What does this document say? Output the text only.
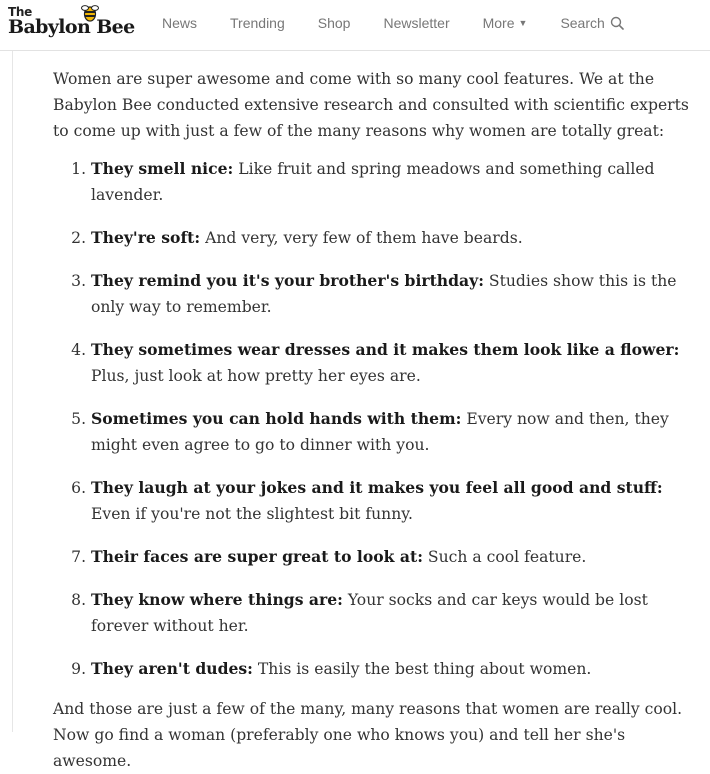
The
Babylon Bee News Trending Shop Newsletter More ▼ Search

Women are super awesome and come with so many cool features. We at the Babylon Bee conducted extensive research and consulted with scientific experts to come up with just a few of the many reasons why women are totally great:

1. They smell nice: Like fruit and spring meadows and something called lavender.
2. They're soft: And very, very few of them have beards.
3. They remind you it's your brother's birthday: Studies show this is the only way to remember.
4. They sometimes wear dresses and it makes them look like a flower: Plus, just look at how pretty her eyes are.
5. Sometimes you can hold hands with them: Every now and then, they might even agree to go to dinner with you.
6. They laugh at your jokes and it makes you feel all good and stuff: Even if you're not the slightest bit funny.
7. Their faces are super great to look at: Such a cool feature.
8. They know where things are: Your socks and car keys would be lost forever without her.
9. They aren't dudes: This is easily the best thing about women.

And those are just a few of the many, many reasons that women are really cool. Now go find a woman (preferably one who knows you) and tell her she's awesome.
